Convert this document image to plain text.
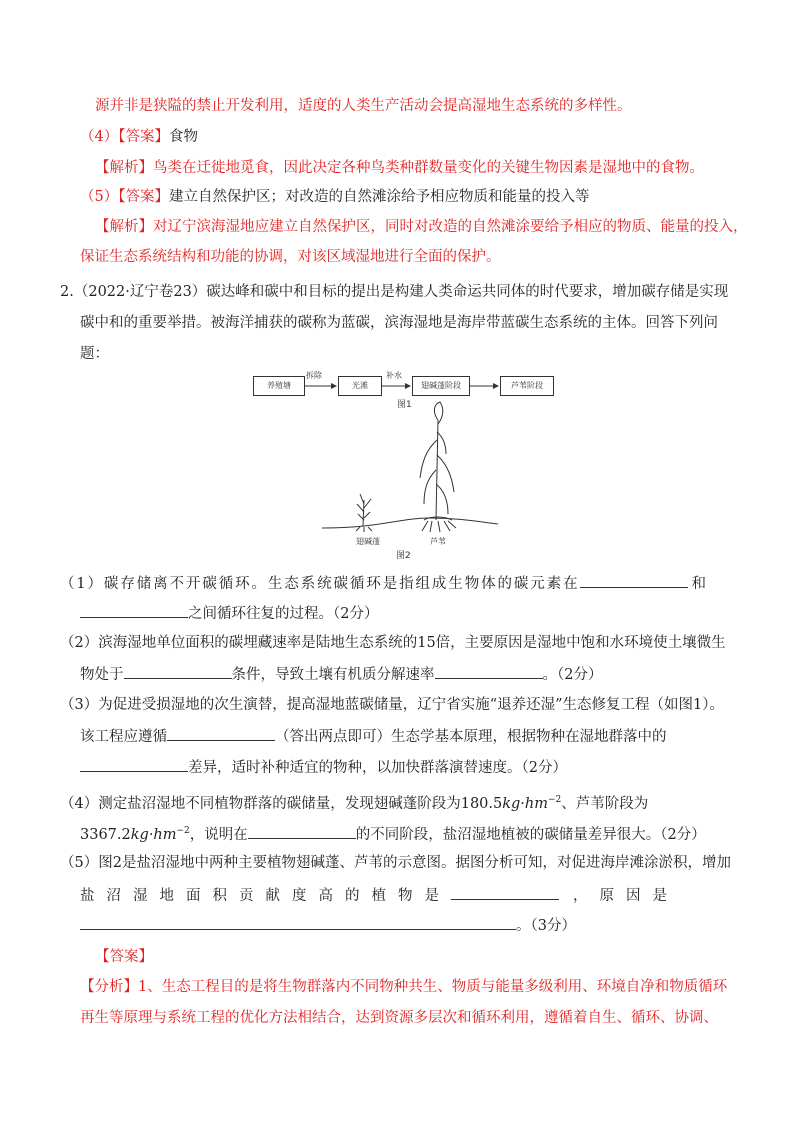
源并非是狭隘的禁止开发利用，适度的人类生产活动会提高湿地生态系统的多样性。
（4）【答案】食物
【解析】鸟类在迁徙地觅食，因此决定各种鸟类种群数量变化的关键生物因素是湿地中的食物。
（5）【答案】建立自然保护区；对改造的自然滩涂给予相应物质和能量的投入等
【解析】对辽宁滨海湿地应建立自然保护区，同时对改造的自然滩涂要给予相应的物质、能量的投入，
保证生态系统结构和功能的协调，对该区域湿地进行全面的保护。
2.（2022·辽宁卷23）碳达峰和碳中和目标的提出是构建人类命运共同体的时代要求，增加碳存储是实现
碳中和的重要举措。被海洋捕获的碳称为蓝碳，滨海湿地是海岸带蓝碳生态系统的主体。回答下列问
题：
养殖塘	光滩	翅碱蓬阶段	芦苇阶段
拆除	补水
图1
翅碱蓬	芦苇
图2
（1）碳存储离不开碳循环。生态系统碳循环是指组成生物体的碳元素在	和
之间循环往复的过程。（2分）
（2）滨海湿地单位面积的碳埋藏速率是陆地生态系统的15倍，主要原因是湿地中饱和水环境使土壤微生
物处于	条件，导致土壤有机质分解速率	。（2分）
（3）为促进受损湿地的次生演替，提高湿地蓝碳储量，辽宁省实施“退养还湿”生态修复工程（如图1）。
该工程应遵循	（答出两点即可）生态学基本原理，根据物种在湿地群落中的
差异，适时补种适宜的物种，以加快群落演替速度。（2分）
（4）测定盐沼湿地不同植物群落的碳储量，发现翅碱蓬阶段为$180.5kg\cdot hm^{-2}$、芦苇阶段为
$3367.2kg\cdot hm^{-2}$，说明在	的不同阶段，盐沼湿地植被的碳储量差异很大。（2分）
（5）图2是盐沼湿地中两种主要植物翅碱蓬、芦苇的示意图。据图分析可知，对促进海岸滩涂淤积，增加
盐沼湿地面积贡献度高的植物是	，原因是
。（3分）
【答案】
【分析】1、生态工程目的是将生物群落内不同物种共生、物质与能量多级利用、环境自净和物质循环
再生等原理与系统工程的优化方法相结合，达到资源多层次和循环利用，遵循着自生、循环、协调、
